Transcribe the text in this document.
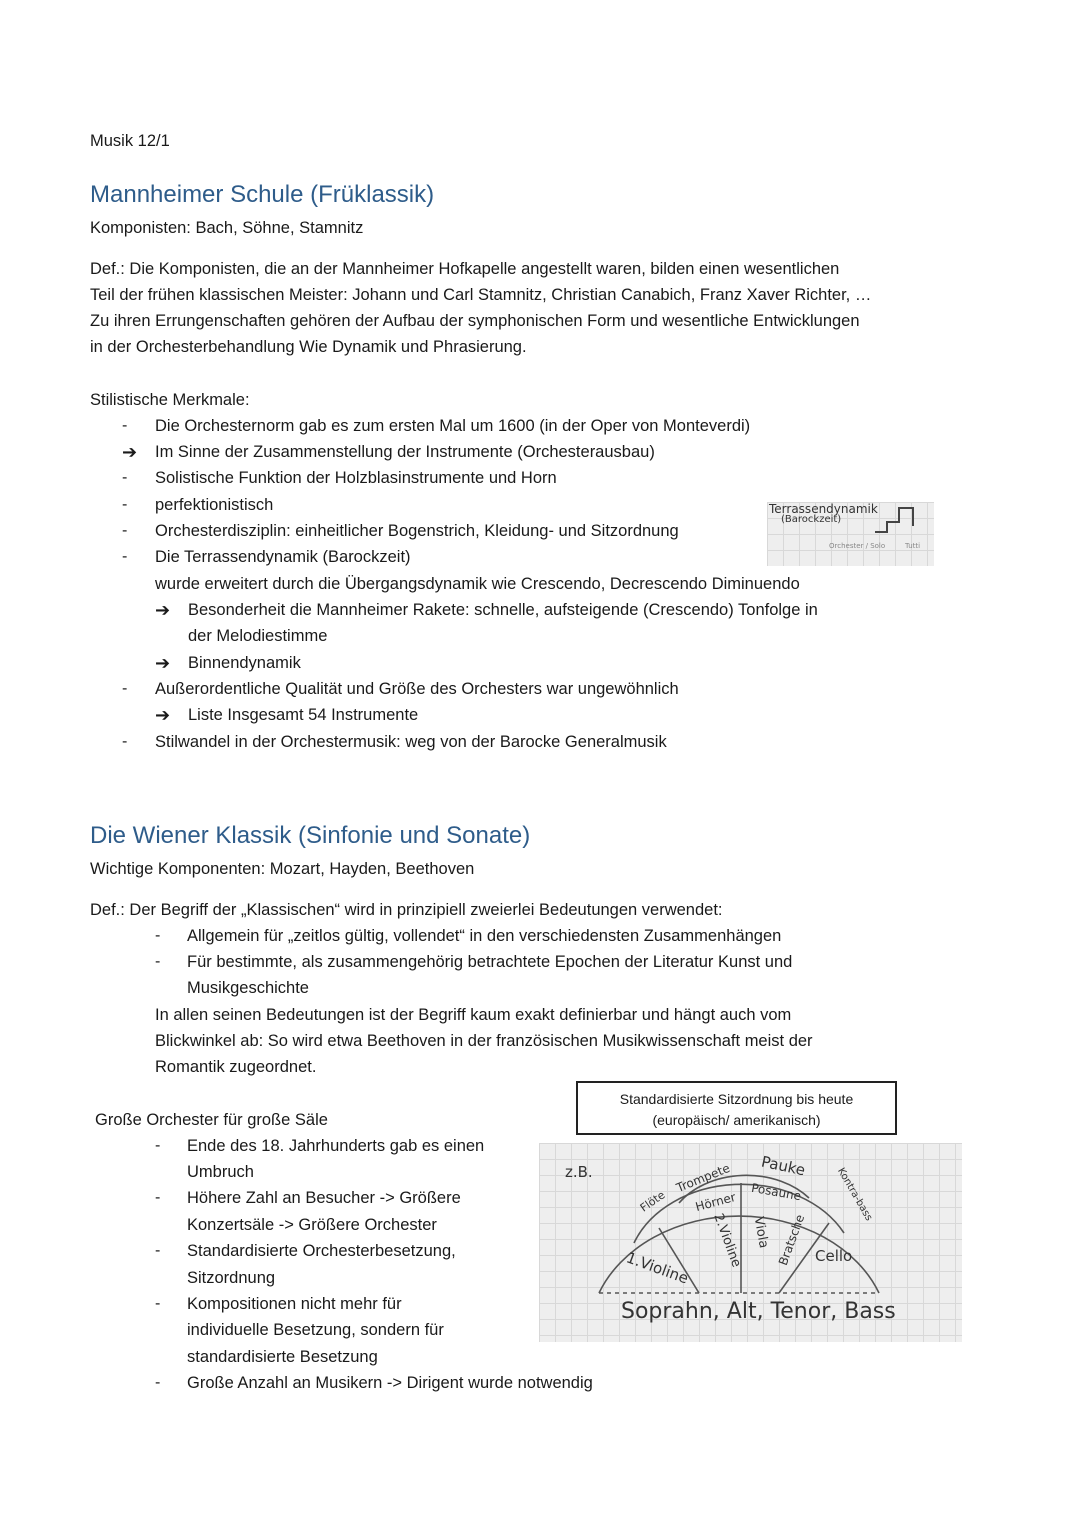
Musik 12/1
Mannheimer Schule (Früklassik)
Komponisten: Bach, Söhne, Stamnitz
Def.: Die Komponisten, die an der Mannheimer Hofkapelle angestellt waren, bilden einen wesentlichen
Teil der frühen klassischen Meister: Johann und Carl Stamnitz, Christian Canabich, Franz Xaver Richter, …
Zu ihren Errungenschaften gehören der Aufbau der symphonischen Form und wesentliche Entwicklungen
in der Orchesterbehandlung Wie Dynamik und Phrasierung.
Stilistische Merkmale:
- Die Orchesternorm gab es zum ersten Mal um 1600 (in der Oper von Monteverdi)
➔ Im Sinne der Zusammenstellung der Instrumente (Orchesterausbau)
- Solistische Funktion der Holzblasinstrumente und Horn
- perfektionistisch
- Orchesterdisziplin: einheitlicher Bogenstrich, Kleidung- und Sitzordnung
- Die Terrassendynamik (Barockzeit)
wurde erweitert durch die Übergangsdynamik wie Crescendo, Decrescendo Diminuendo
➔ Besonderheit die Mannheimer Rakete: schnelle, aufsteigende (Crescendo) Tonfolge in
der Melodiestimme
➔ Binnendynamik
- Außerordentliche Qualität und Größe des Orchesters war ungewöhnlich
➔ Liste Insgesamt 54 Instrumente
- Stilwandel in der Orchestermusik: weg von der Barocke Generalmusik
Terrassendynamik
(Barockzeit)
Orchester / Solo	Tutti
Die Wiener Klassik (Sinfonie und Sonate)
Wichtige Komponenten: Mozart, Hayden, Beethoven
Def.: Der Begriff der „Klassischen“ wird in prinzipiell zweierlei Bedeutungen verwendet:
- Allgemein für „zeitlos gültig, vollendet“ in den verschiedensten Zusammenhängen
- Für bestimmte, als zusammengehörig betrachtete Epochen der Literatur Kunst und
Musikgeschichte
In allen seinen Bedeutungen ist der Begriff kaum exakt definierbar und hängt auch vom
Blickwinkel ab: So wird etwa Beethoven in der französischen Musikwissenschaft meist der
Romantik zugeordnet.
Große Orchester für große Säle
- Ende des 18. Jahrhunderts gab es einen
Umbruch
- Höhere Zahl an Besucher -> Größere
Konzertsäle -> Größere Orchester
- Standardisierte Orchesterbesetzung,
Sitzordnung
- Kompositionen nicht mehr für
individuelle Besetzung, sondern für
standardisierte Besetzung
- Große Anzahl an Musikern -> Dirigent wurde notwendig
Standardisierte Sitzordnung bis heute
(europäisch/ amerikanisch)
z.B.
Flöte
Trompete Pauke
Hörner Posaune	Kontra-bass
2.Violine Viola Bratsche
1.Violine	Cello
Soprahn, Alt, Tenor, Bass
